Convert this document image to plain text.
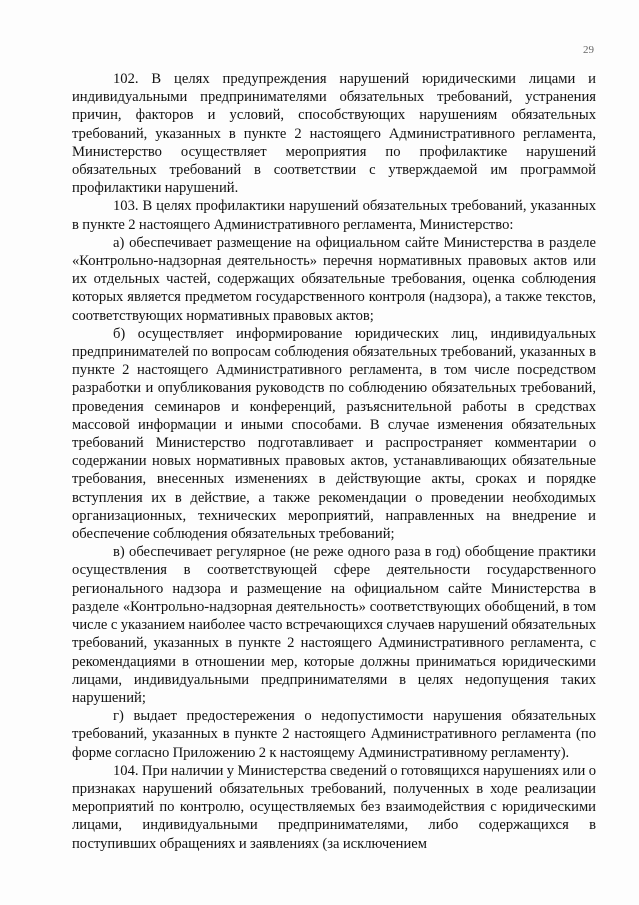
29

102. В целях предупреждения нарушений юридическими лицами и индивидуальными предпринимателями обязательных требований, устранения причин, факторов и условий, способствующих нарушениям обязательных требований, указанных в пункте 2 настоящего Административного регламента, Министерство осуществляет мероприятия по профилактике нарушений обязательных требований в соответствии с утверждаемой им программой профилактики нарушений.

103. В целях профилактики нарушений обязательных требований, указанных в пункте 2 настоящего Административного регламента, Министерство:

а) обеспечивает размещение на официальном сайте Министерства в разделе «Контрольно-надзорная деятельность» перечня нормативных правовых актов или их отдельных частей, содержащих обязательные требования, оценка соблюдения которых является предметом государственного контроля (надзора), а также текстов, соответствующих нормативных правовых актов;

б) осуществляет информирование юридических лиц, индивидуальных предпринимателей по вопросам соблюдения обязательных требований, указанных в пункте 2 настоящего Административного регламента, в том числе посредством разработки и опубликования руководств по соблюдению обязательных требований, проведения семинаров и конференций, разъяснительной работы в средствах массовой информации и иными способами. В случае изменения обязательных требований Министерство подготавливает и распространяет комментарии о содержании новых нормативных правовых актов, устанавливающих обязательные требования, внесенных изменениях в действующие акты, сроках и порядке вступления их в действие, а также рекомендации о проведении необходимых организационных, технических мероприятий, направленных на внедрение и обеспечение соблюдения обязательных требований;

в) обеспечивает регулярное (не реже одного раза в год) обобщение практики осуществления в соответствующей сфере деятельности государственного регионального надзора и размещение на официальном сайте Министерства в разделе «Контрольно-надзорная деятельность» соответствующих обобщений, в том числе с указанием наиболее часто встречающихся случаев нарушений обязательных требований, указанных в пункте 2 настоящего Административного регламента, с рекомендациями в отношении мер, которые должны приниматься юридическими лицами, индивидуальными предпринимателями в целях недопущения таких нарушений;

г) выдает предостережения о недопустимости нарушения обязательных требований, указанных в пункте 2 настоящего Административного регламента (по форме согласно Приложению 2 к настоящему Административному регламенту).

104. При наличии у Министерства сведений о готовящихся нарушениях или о признаках нарушений обязательных требований, полученных в ходе реализации мероприятий по контролю, осуществляемых без взаимодействия с юридическими лицами, индивидуальными предпринимателями, либо содержащихся в поступивших обращениях и заявлениях (за исключением
